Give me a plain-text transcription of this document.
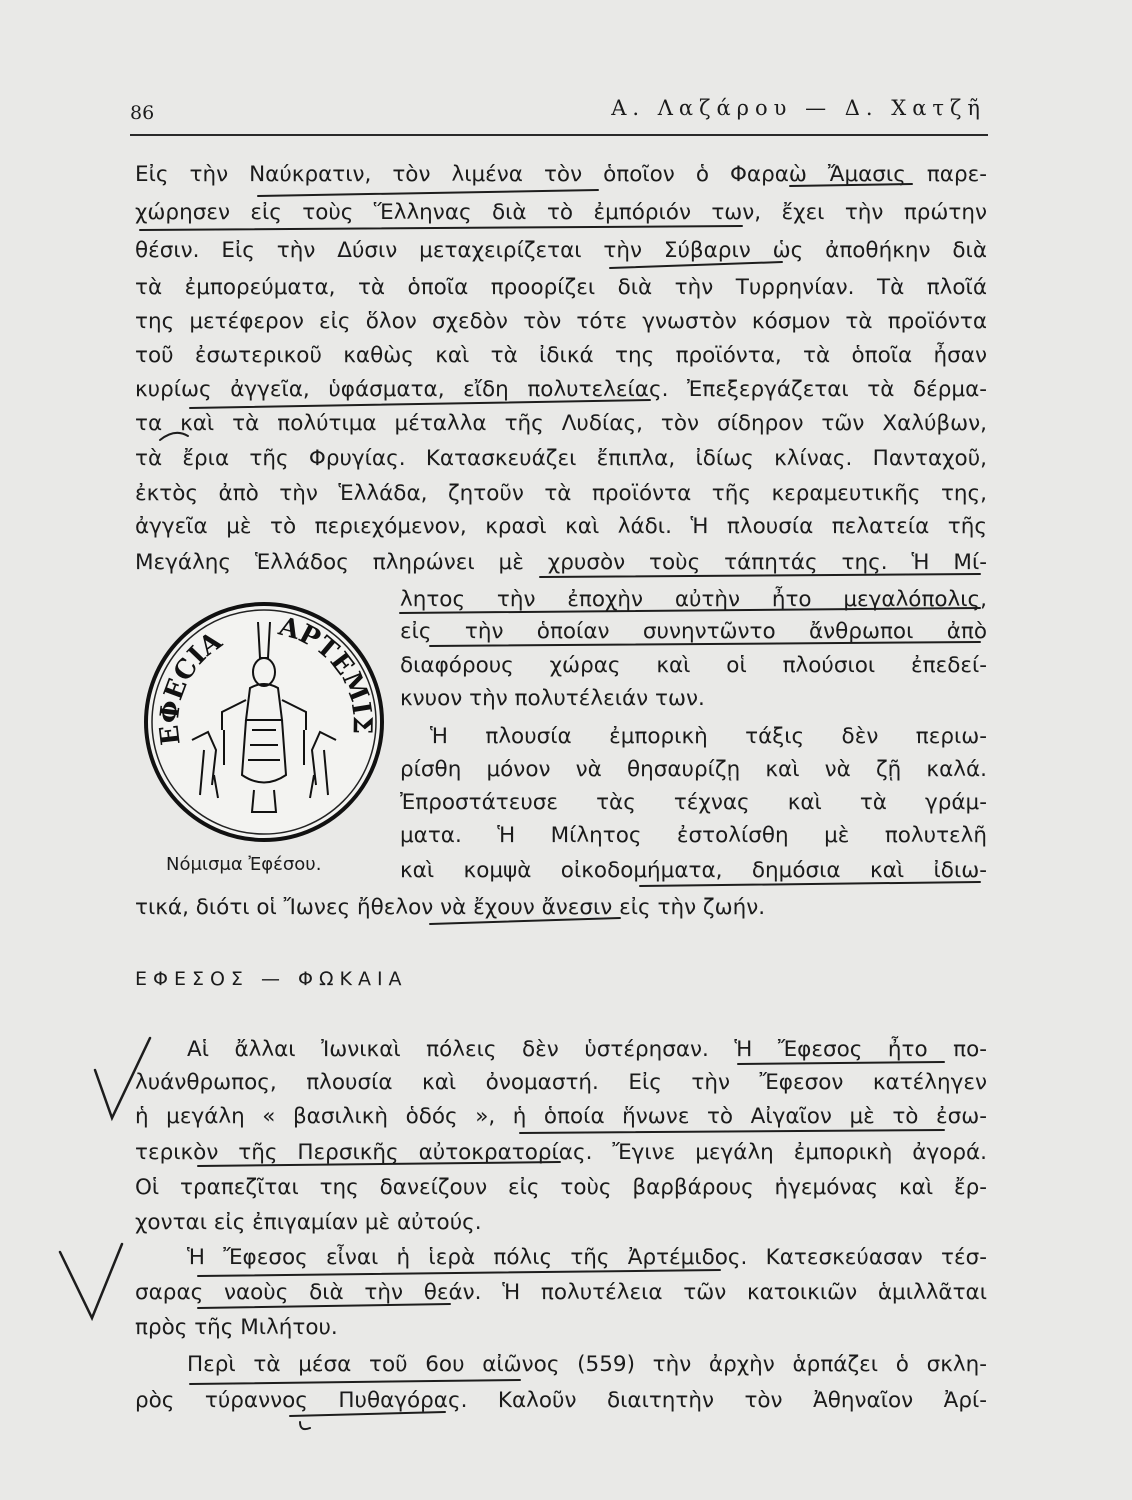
86	Α. Λαζάρου — Δ. Χατζῆ
Εἰς τὴν Ναύκρατιν, τὸν λιμένα τὸν ὁποῖον ὁ Φαραὼ Ἄμασις παρε-
χώρησεν εἰς τοὺς Ἕλληνας διὰ τὸ ἐμπόριόν των, ἔχει τὴν πρώτην
θέσιν. Εἰς τὴν Δύσιν μεταχειρίζεται τὴν Σύβαριν ὡς ἀποθήκην διὰ
τὰ ἐμπορεύματα, τὰ ὁποῖα προορίζει διὰ τὴν Τυρρηνίαν. Τὰ πλοῖά
της μετέφερον εἰς ὅλον σχεδὸν τὸν τότε γνωστὸν κόσμον τὰ προϊόντα
τοῦ ἐσωτερικοῦ καθὼς καὶ τὰ ἰδικά της προϊόντα, τὰ ὁποῖα ἦσαν
κυρίως ἀγγεῖα, ὑφάσματα, εἴδη πολυτελείας. Ἐπεξεργάζεται τὰ δέρμα-
τα καὶ τὰ πολύτιμα μέταλλα τῆς Λυδίας, τὸν σίδηρον τῶν Χαλύβων,
τὰ ἔρια τῆς Φρυγίας. Κατασκευάζει ἔπιπλα, ἰδίως κλίνας. Πανταχοῦ,
ἐκτὸς ἀπὸ τὴν Ἑλλάδα, ζητοῦν τὰ προϊόντα τῆς κεραμευτικῆς της,
ἀγγεῖα μὲ τὸ περιεχόμενον, κρασὶ καὶ λάδι. Ἡ πλουσία πελατεία τῆς
Μεγάλης Ἑλλάδος πληρώνει μὲ χρυσὸν τοὺς τάπητάς της. Ἡ Μί-
λητος τὴν ἐποχὴν αὐτὴν ἦτο μεγαλόπολις,
εἰς τὴν ὁποίαν συνηντῶντο ἄνθρωποι ἀπὸ
διαφόρους χώρας καὶ οἱ πλούσιοι ἐπεδεί-
κνυον τὴν πολυτέλειάν των.
Ἡ πλουσία ἐμπορικὴ τάξις δὲν περιω-
ρίσθη μόνον νὰ θησαυρίζῃ καὶ νὰ ζῇ καλά.
Ἐπροστάτευσε τὰς τέχνας καὶ τὰ γράμ-
ματα. Ἡ Μίλητος ἐστολίσθη μὲ πολυτελῆ
καὶ κομψὰ οἰκοδομήματα, δημόσια καὶ ἰδιω-
τικά, διότι οἱ Ἴωνες ἤθελον νὰ ἔχουν ἄνεσιν εἰς τὴν ζωήν.
ΕΦΕСΙΑ ΑΡΤΕΜΙΣ
Νόμισμα Ἐφέσου.
ΕΦΕΣΟΣ — ΦΩΚΑΙΑ
Αἱ ἄλλαι Ἰωνικαὶ πόλεις δὲν ὑστέρησαν. Ἡ Ἔφεσος ἦτο πο-
λυάνθρωπος, πλουσία καὶ ὀνομαστή. Εἰς τὴν Ἔφεσον κατέληγεν
ἡ μεγάλη « βασιλικὴ ὁδός », ἡ ὁποία ἥνωνε τὸ Αἰγαῖον μὲ τὸ ἐσω-
τερικὸν τῆς Περσικῆς αὐτοκρατορίας. Ἔγινε μεγάλη ἐμπορικὴ ἀγορά.
Οἱ τραπεζῖται της δανείζουν εἰς τοὺς βαρβάρους ἡγεμόνας καὶ ἔρ-
χονται εἰς ἐπιγαμίαν μὲ αὐτούς.
Ἡ Ἔφεσος εἶναι ἡ ἱερὰ πόλις τῆς Ἀρτέμιδος. Κατεσκεύασαν τέσ-
σαρας ναοὺς διὰ τὴν θεάν. Ἡ πολυτέλεια τῶν κατοικιῶν ἁμιλλᾶται
πρὸς τῆς Μιλήτου.
Περὶ τὰ μέσα τοῦ 6ου αἰῶνος (559) τὴν ἀρχὴν ἁρπάζει ὁ σκλη-
ρὸς τύραννος Πυθαγόρας. Καλοῦν διαιτητὴν τὸν Ἀθηναῖον Ἀρί-
